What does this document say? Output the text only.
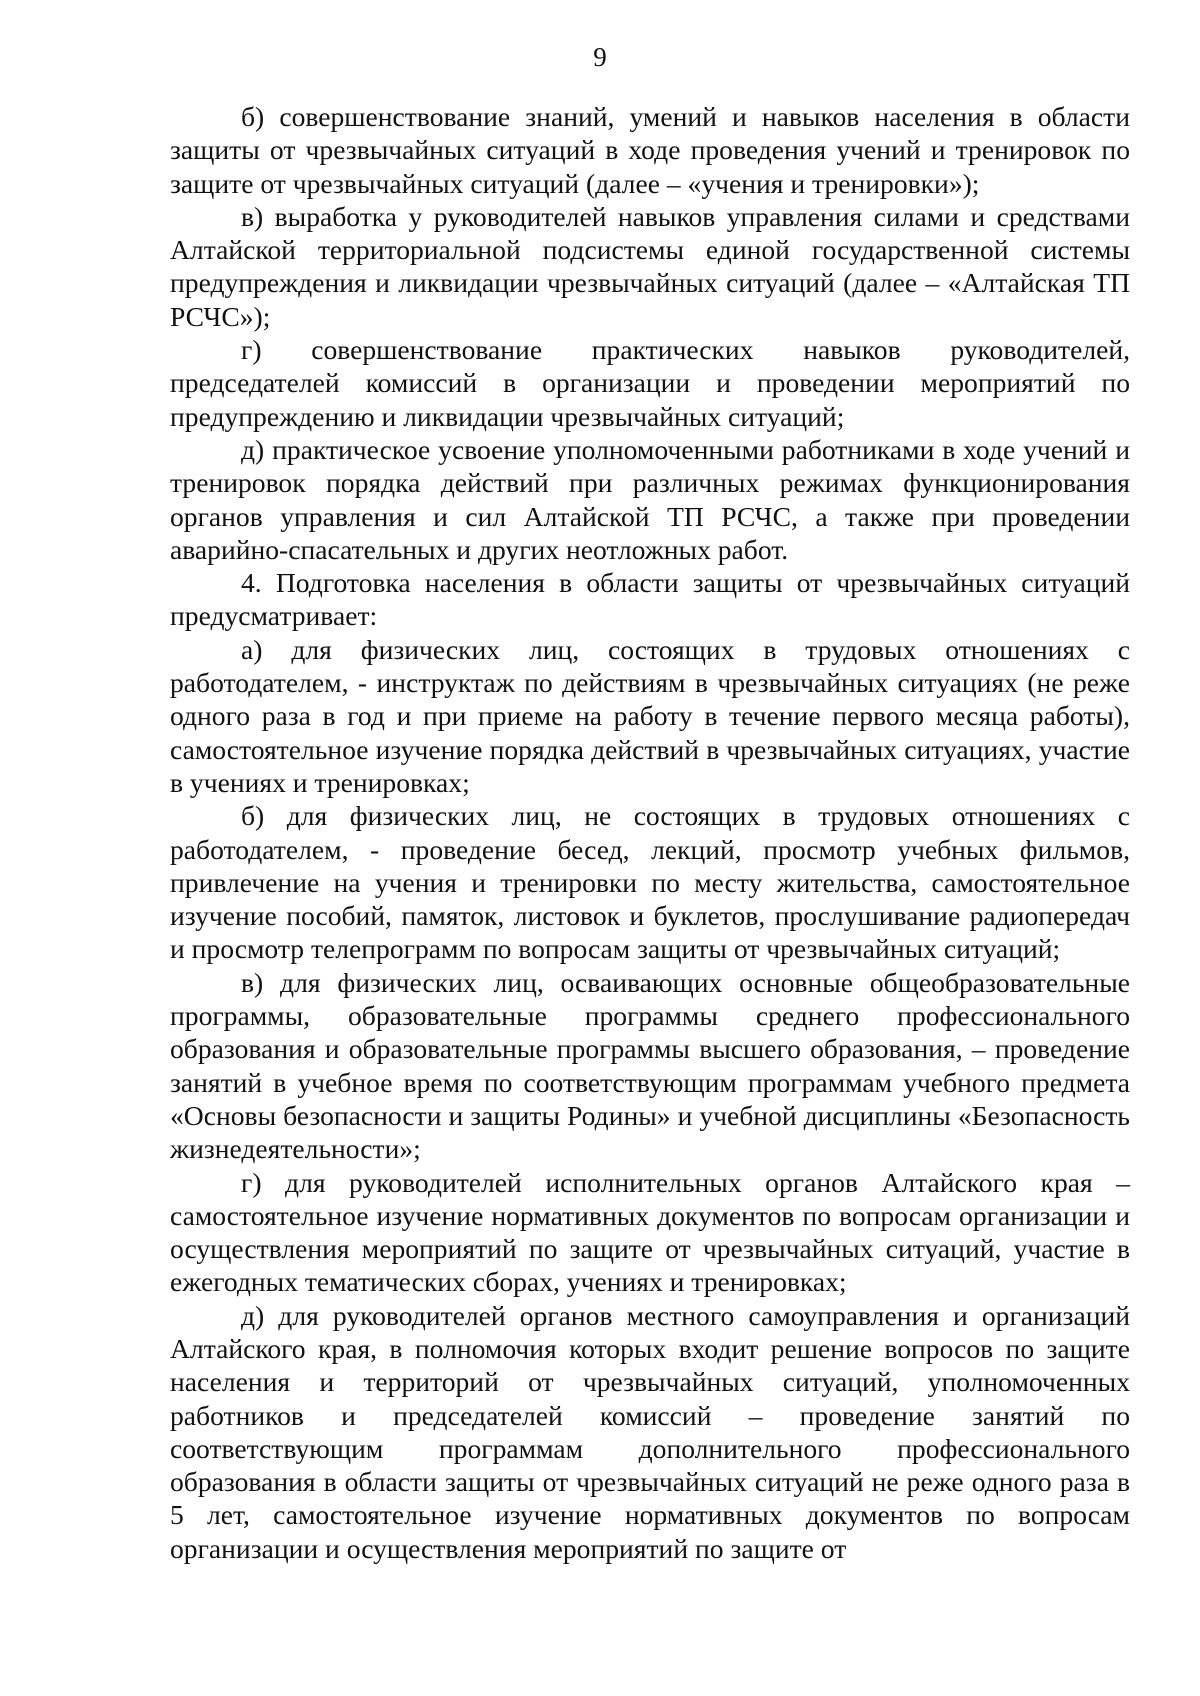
9

б) совершенствование знаний, умений и навыков населения в области защиты от чрезвычайных ситуаций в ходе проведения учений и тренировок по защите от чрезвычайных ситуаций (далее – «учения и тренировки»);

в) выработка у руководителей навыков управления силами и средствами Алтайской территориальной подсистемы единой государственной системы предупреждения и ликвидации чрезвычайных ситуаций (далее – «Алтайская ТП РСЧС»);

г) совершенствование практических навыков руководителей, председателей комиссий в организации и проведении мероприятий по предупреждению и ликвидации чрезвычайных ситуаций;

д) практическое усвоение уполномоченными работниками в ходе учений и тренировок порядка действий при различных режимах функционирования органов управления и сил Алтайской ТП РСЧС, а также при проведении аварийно-спасательных и других неотложных работ.

4. Подготовка населения в области защиты от чрезвычайных ситуаций предусматривает:

а) для физических лиц, состоящих в трудовых отношениях с работодателем, - инструктаж по действиям в чрезвычайных ситуациях (не реже одного раза в год и при приеме на работу в течение первого месяца работы), самостоятельное изучение порядка действий в чрезвычайных ситуациях, участие в учениях и тренировках;

б) для физических лиц, не состоящих в трудовых отношениях с работодателем, - проведение бесед, лекций, просмотр учебных фильмов, привлечение на учения и тренировки по месту жительства, самостоятельное изучение пособий, памяток, листовок и буклетов, прослушивание радиопередач и просмотр телепрограмм по вопросам защиты от чрезвычайных ситуаций;

в) для физических лиц, осваивающих основные общеобразовательные программы, образовательные программы среднего профессионального образования и образовательные программы высшего образования, – проведение занятий в учебное время по соответствующим программам учебного предмета «Основы безопасности и защиты Родины» и учебной дисциплины «Безопасность жизнедеятельности»;

г) для руководителей исполнительных органов Алтайского края – самостоятельное изучение нормативных документов по вопросам организации и осуществления мероприятий по защите от чрезвычайных ситуаций, участие в ежегодных тематических сборах, учениях и тренировках;

д) для руководителей органов местного самоуправления и организаций Алтайского края, в полномочия которых входит решение вопросов по защите населения и территорий от чрезвычайных ситуаций, уполномоченных работников и председателей комиссий – проведение занятий по соответствующим программам дополнительного профессионального образования в области защиты от чрезвычайных ситуаций не реже одного раза в 5 лет, самостоятельное изучение нормативных документов по вопросам организации и осуществления мероприятий по защите от
